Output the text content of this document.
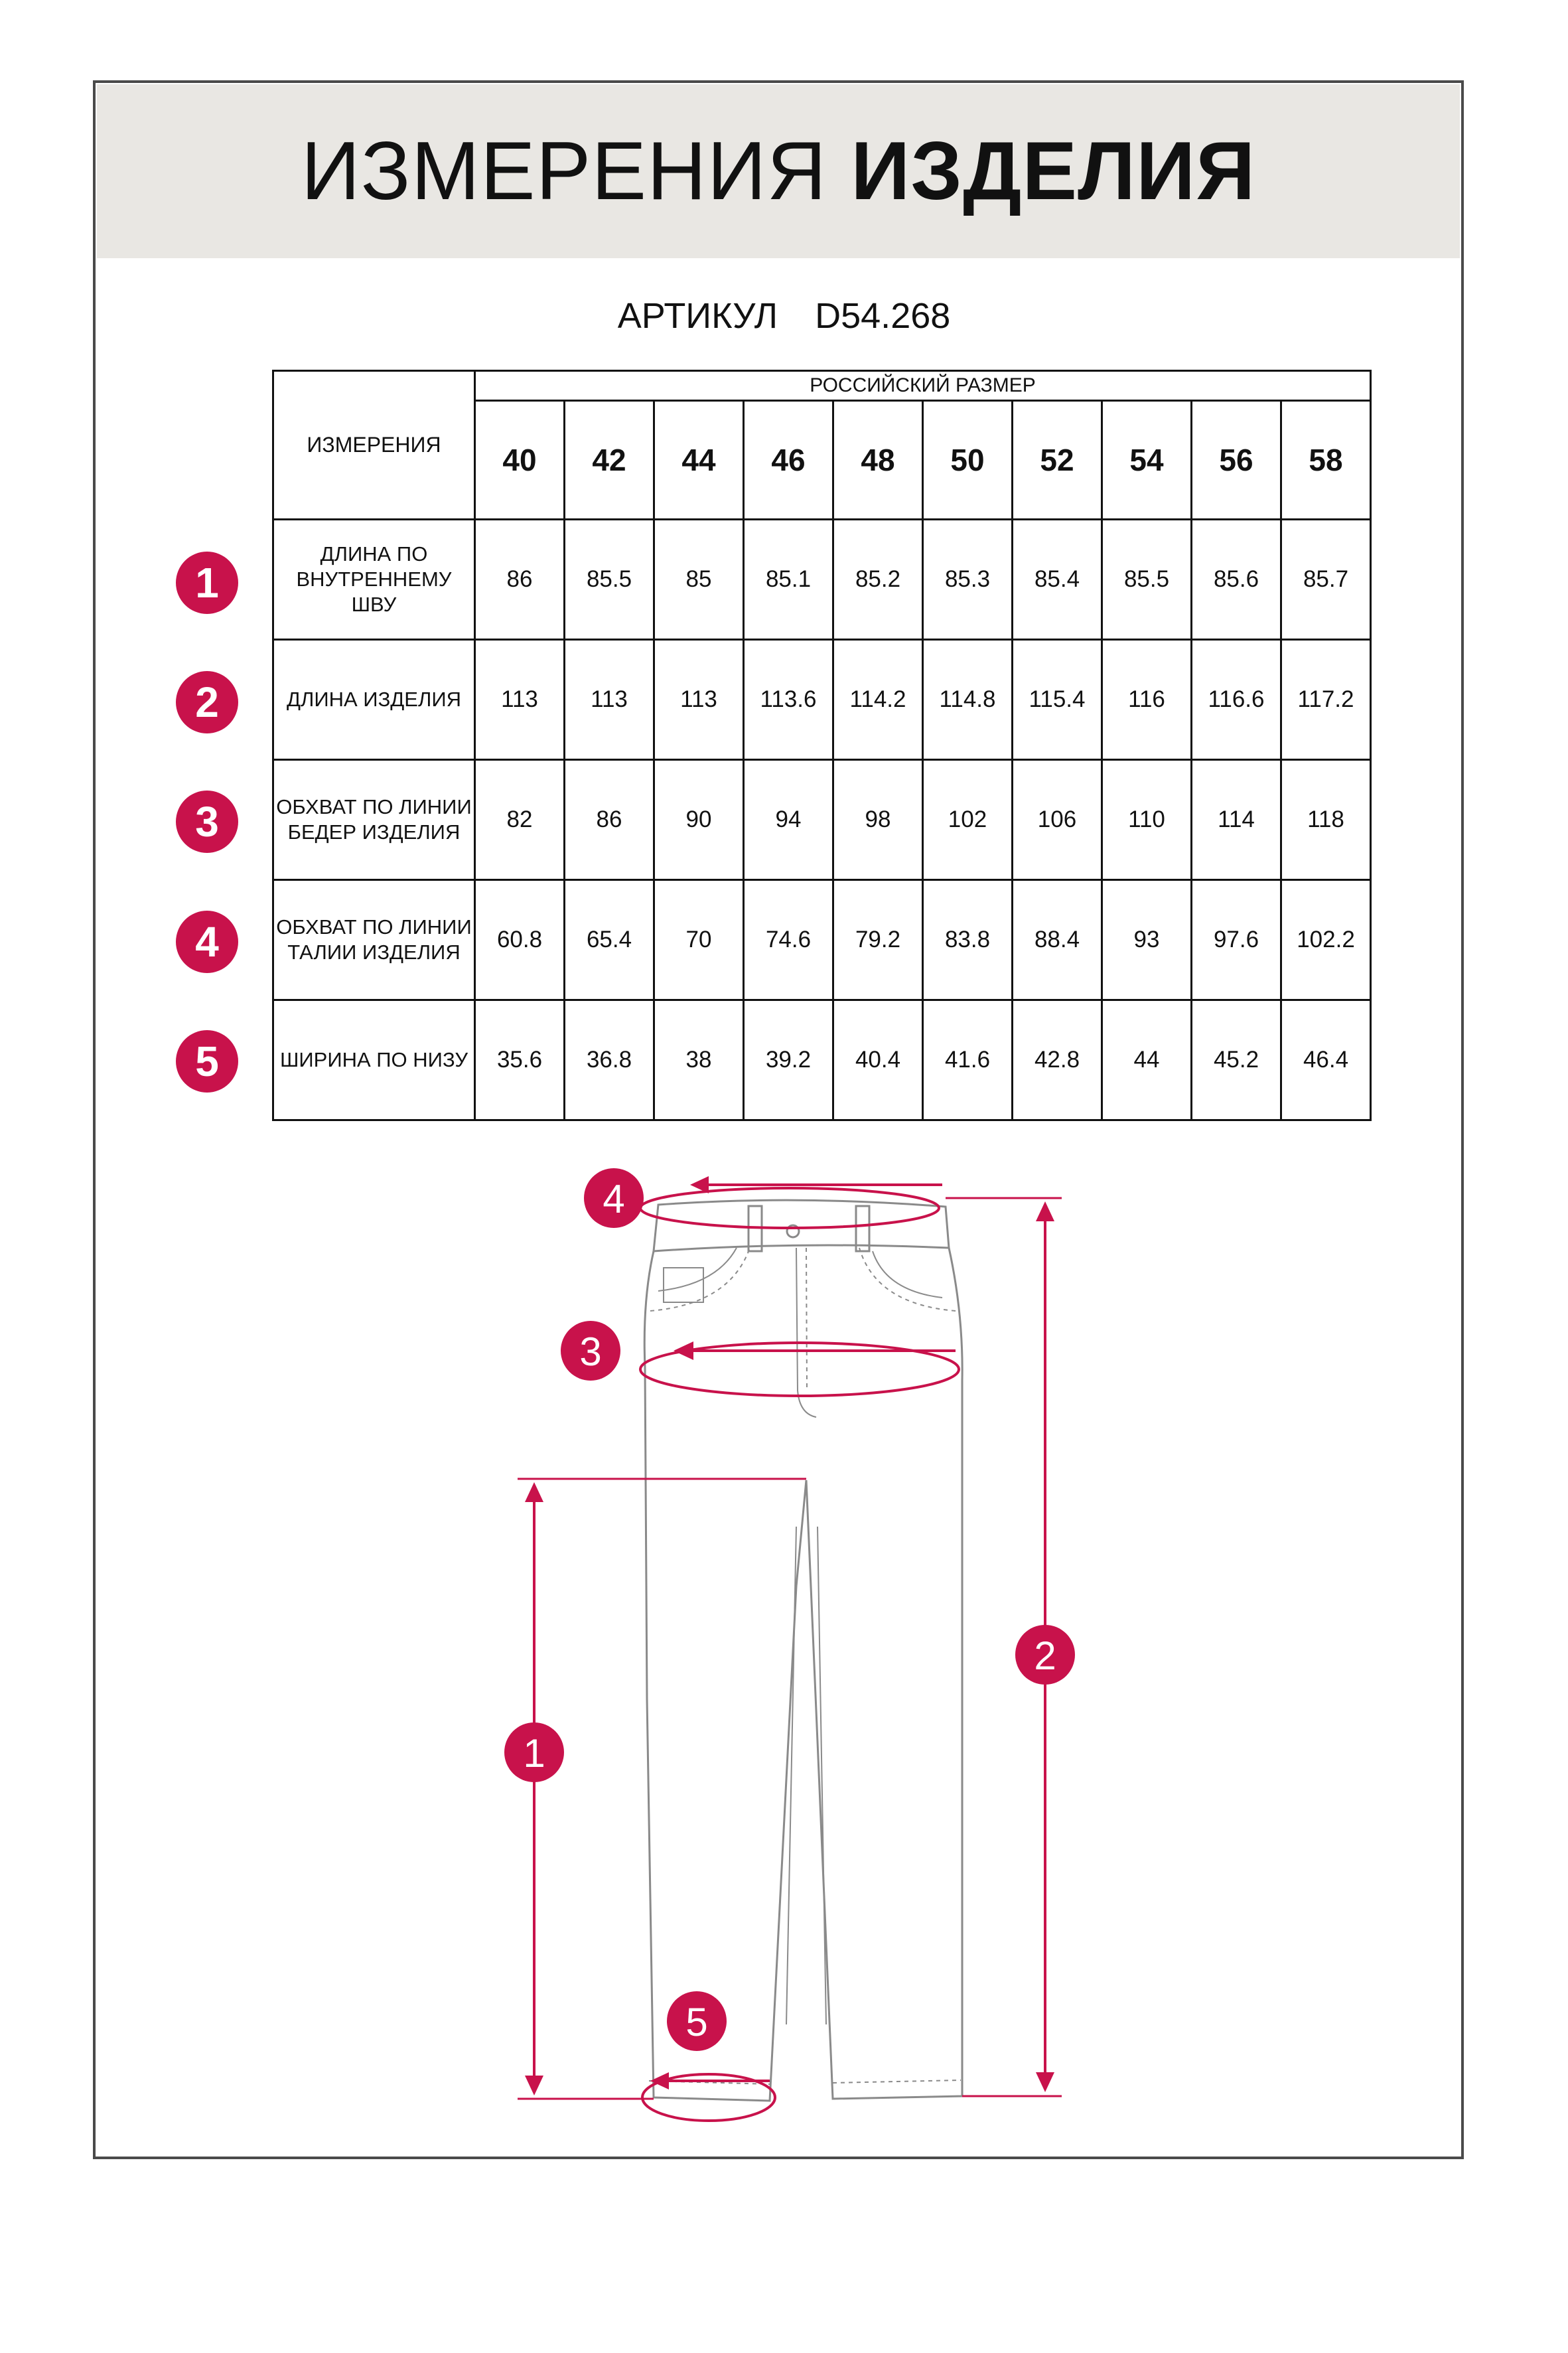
ИЗМЕРЕНИЯ ИЗДЕЛИЯ
АРТИКУЛ D54.268
ИЗМЕРЕНИЯ	РОССИЙСКИЙ РАЗМЕР									
	40	42	44	46	48	50	52	54	56	58
ДЛИНА ПО ВНУТРЕННЕМУ ШВУ	86	85.5	85	85.1	85.2	85.3	85.4	85.5	85.6	85.7
ДЛИНА ИЗДЕЛИЯ	113	113	113	113.6	114.2	114.8	115.4	116	116.6	117.2
ОБХВАТ ПО ЛИНИИ БЕДЕР ИЗДЕЛИЯ	82	86	90	94	98	102	106	110	114	118
ОБХВАТ ПО ЛИНИИ ТАЛИИ ИЗДЕЛИЯ	60.8	65.4	70	74.6	79.2	83.8	88.4	93	97.6	102.2
ШИРИНА ПО НИЗУ	35.6	36.8	38	39.2	40.4	41.6	42.8	44	45.2	46.4
1
2
3
4
5
4
3
2
1
5
